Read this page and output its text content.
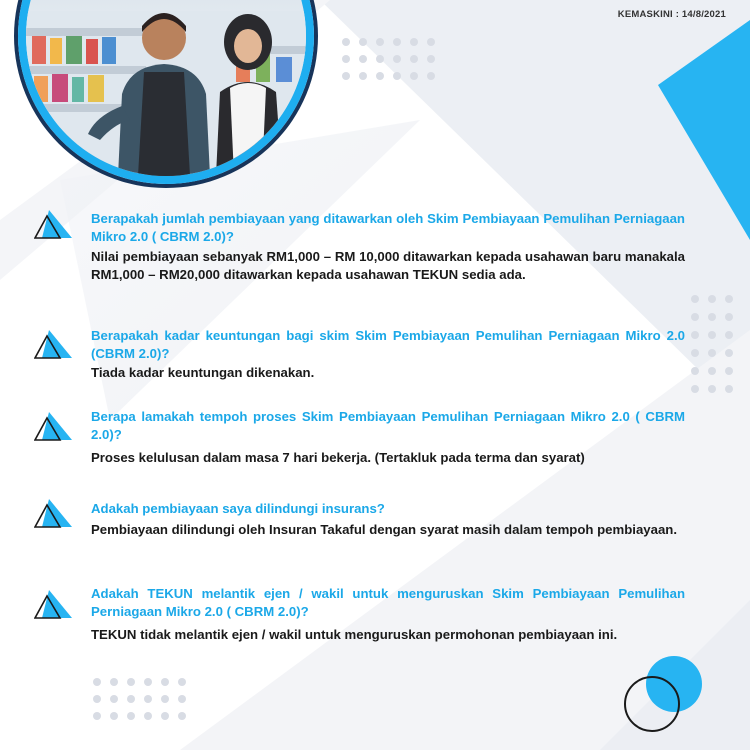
KEMASKINI : 14/8/2021

Berapakah jumlah pembiayaan yang ditawarkan oleh Skim Pembiayaan Pemulihan Perniagaan Mikro 2.0 ( CBRM 2.0)?

Nilai pembiayaan sebanyak RM1,000 – RM 10,000 ditawarkan kepada usahawan baru manakala RM1,000 – RM20,000 ditawarkan kepada usahawan TEKUN sedia ada.

Berapakah kadar keuntungan bagi skim Skim Pembiayaan Pemulihan Perniagaan Mikro 2.0 (CBRM 2.0)?

Tiada kadar keuntungan dikenakan.

Berapa lamakah tempoh proses Skim Pembiayaan Pemulihan Perniagaan Mikro 2.0 ( CBRM 2.0)?

Proses kelulusan dalam masa 7 hari bekerja. (Tertakluk pada terma dan syarat)

Adakah pembiayaan saya dilindungi insurans?

Pembiayaan dilindungi oleh Insuran Takaful dengan syarat masih dalam tempoh pembiayaan.

Adakah TEKUN melantik ejen / wakil untuk menguruskan Skim Pembiayaan Pemulihan Perniagaan Mikro 2.0 ( CBRM 2.0)?

TEKUN tidak melantik ejen / wakil untuk menguruskan permohonan pembiayaan ini.
